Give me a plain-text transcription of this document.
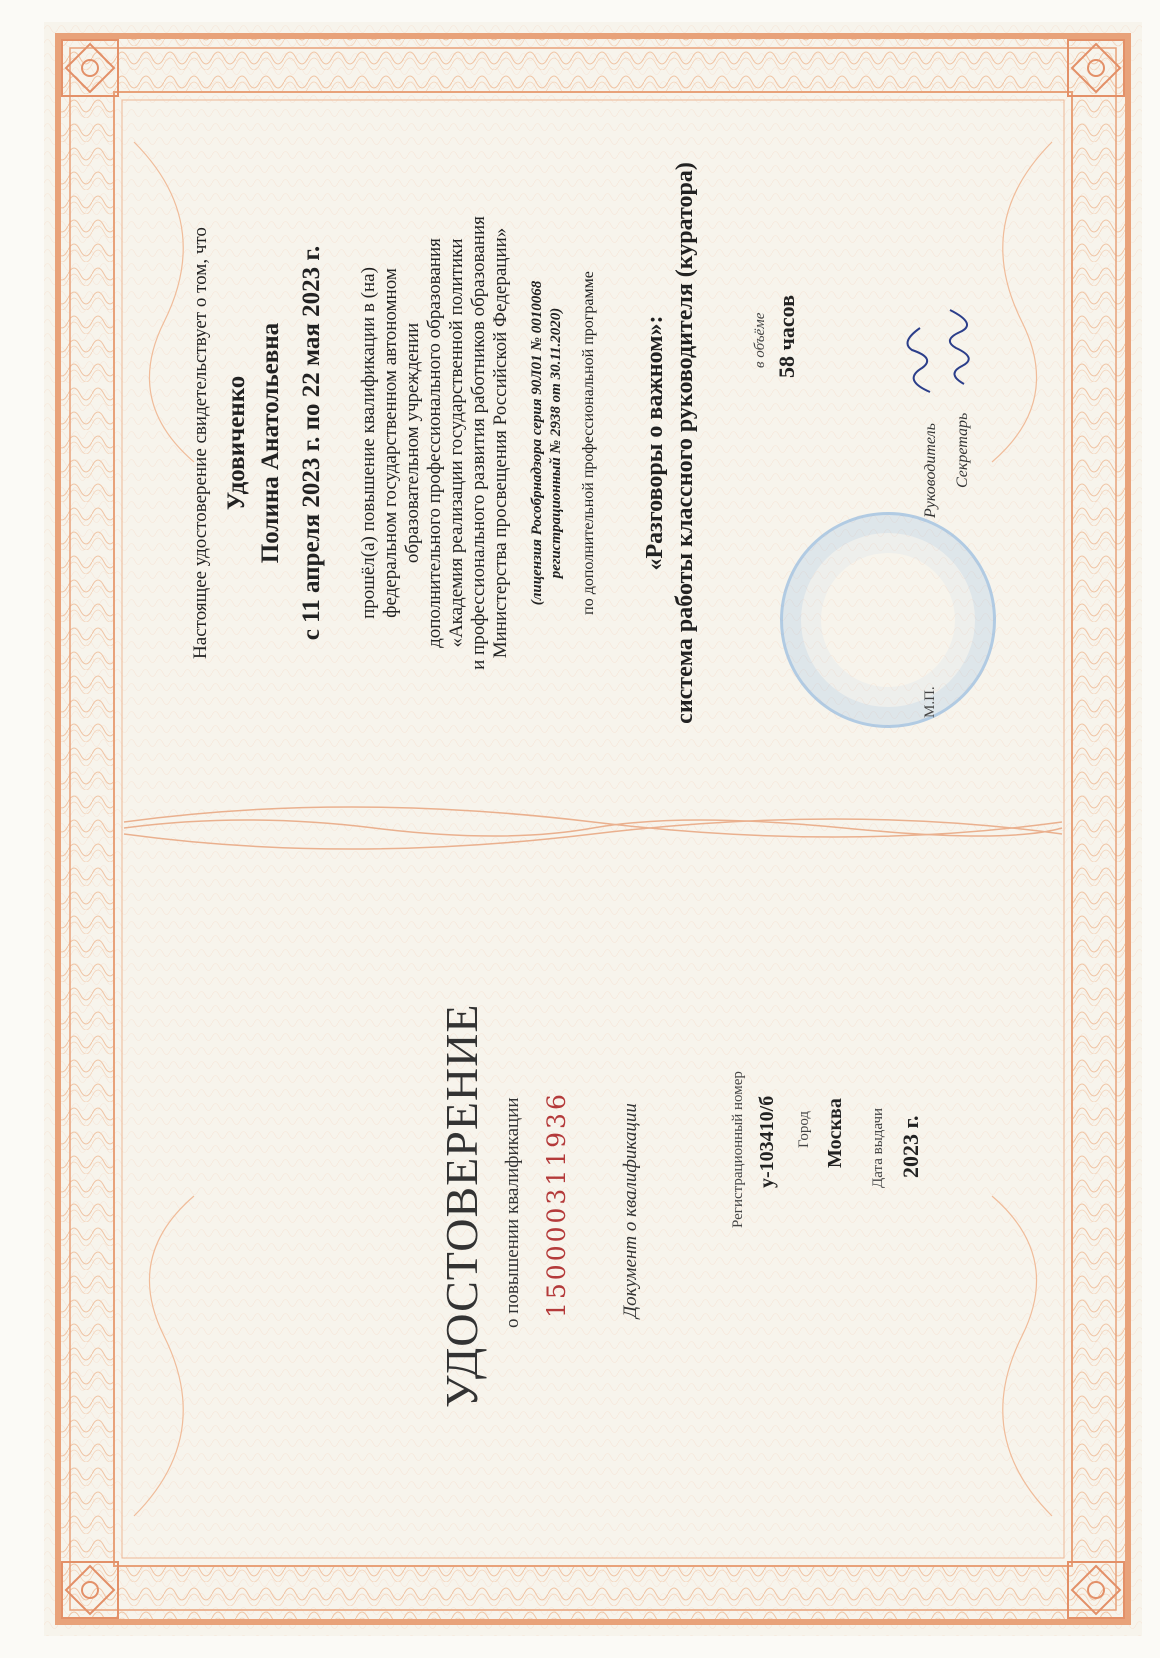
УДОСТОВЕРЕНИЕ о повышении квалификации 150000311936	Документ о квалификации	Регистрационный номер у-103410/б Город Москва Дата выдачи 2023 г.
Настоящее удостоверение свидетельствует о том, что Удовиченко Полина Анатольевна с 11 апреля 2023 г. по 22 мая 2023 г. прошёл(а) повышение квалификации в (на) федеральном государственном автономном образовательном учреждении дополнительного профессионального образования «Академия реализации государственной политики и профессионального развития работников образования Министерства просвещения Российской Федерации» (лицензия Рособрнадзора серия 90Л01 № 0010068 регистрационный № 2938 от 30.11.2020) по дополнительной профессиональной программе «Разговоры о важном»: система работы классного руководителя (куратора)	в объёме 58 часов
М.П.
Руководитель Секретарь
